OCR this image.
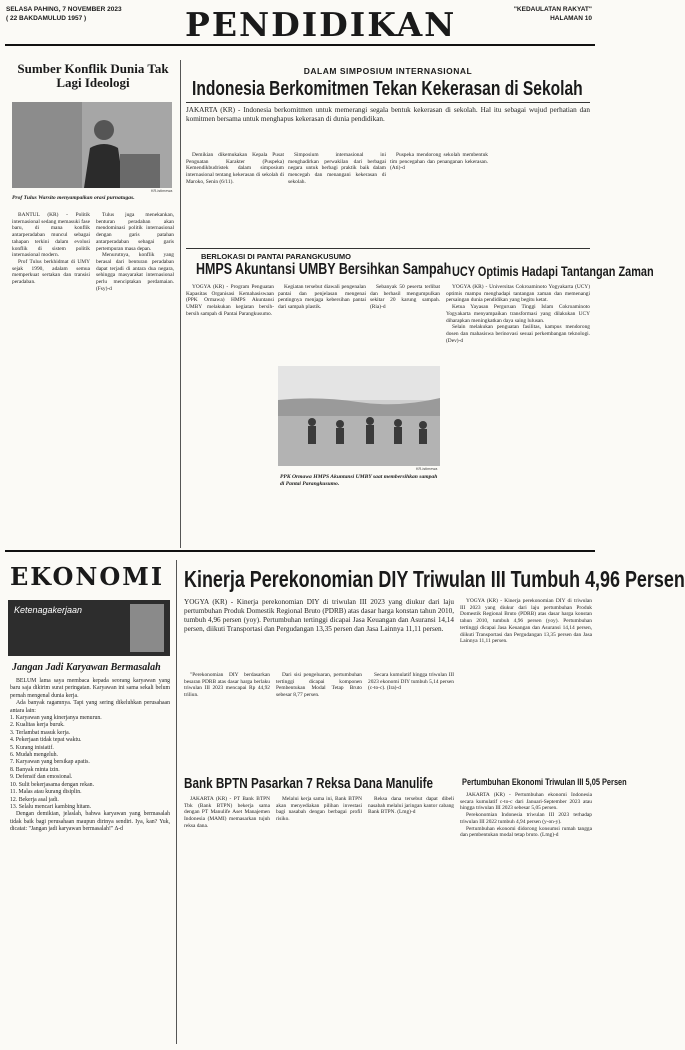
SELASA PAHING, 7 NOVEMBER 2023
( 22 BAKDAMULUD 1957 )	PENDIDIKAN	"KEDAULATAN RAKYAT"
HALAMAN 10
Sumber Konflik Dunia Tak Lagi Ideologi
KR-istimewa
Prof Tulus Warsito menyampaikan orasi purnatugas.

BANTUL (KR) - Politik internasional sedang memasuki fase baru, di mana konflik antarperadaban muncul sebagai tahapan terkini dalam evolusi konflik di sistem politik internasional modern.

Prof Tulus berkhidmat di UMY sejak 1990, adalam semua memperkuat sertakan dan transisi peradaban.

Tulus juga menekankan, benturan peradaban akan mendominasi politik internasional dengan garis patahan antarperadaban sebagai garis pertempuran masa depan.

Menurutnya, konflik yang berasal dari benturan peradaban dapat terjadi di antara dua negara, sehingga masyarakat internasional perlu menciptakan perdamaian. (Fsy)-d

DALAM SIMPOSIUM INTERNASIONAL
Indonesia Berkomitmen Tekan Kekerasan di Sekolah
JAKARTA (KR) - Indonesia berkomitmen untuk memerangi segala bentuk kekerasan di sekolah. Hal itu sebagai wujud perhatian dan komitmen bersama untuk menghapus kekerasan di dunia pendidikan.

Demikian dikemukakan Kepala Pusat Penguatan Karakter (Puspeka) Kemendikbudristek dalam simposium internasional tentang kekerasan di sekolah di Maroko, Senin (6/11).

Simposium internasional ini menghadirkan perwakilan dari berbagai negara untuk berbagi praktik baik dalam mencegah dan menangani kekerasan di sekolah.

Puspeka mendorong sekolah membentuk tim pencegahan dan penanganan kekerasan. (Ati)-d

BERLOKASI DI PANTAI PARANGKUSUMO
HMPS Akuntansi UMBY Bersihkan Sampah

YOGYA (KR) - Program Penguatan Kapasitas Organisasi Kemahasiswaan (PPK Ormawa) HMPS Akuntansi UMBY melakukan kegiatan bersih-bersih sampah di Pantai Parangkusumo.

Kegiatan tersebut diawali pengenalan pantai dan penjelasan mengenai pentingnya menjaga kebersihan pantai dari sampah plastik.

Sebanyak 50 peserta terlibat dan berhasil mengumpulkan sekitar 20 karung sampah. (Ria)-d

KR-istimewa
PPK Ormawa HMPS Akuntansi UMBY saat membersihkan sampah di Pantai Parangkusumo.
UCY Optimis Hadapi Tantangan Zaman

YOGYA (KR) - Universitas Cokroaminoto Yogyakarta (UCY) optimis mampu menghadapi tantangan zaman dan memenangi persaingan dunia pendidikan yang begitu ketat.

Ketua Yayasan Perguruan Tinggi Islam Cokroaminoto Yogyakarta menyampaikan transformasi yang dilakukan UCY diharapkan meningkatkan daya saing lulusan.

Selain melakukan penguatan fasilitas, kampus mendorong dosen dan mahasiswa berinovasi sesuai perkembangan teknologi. (Dev)-d

EKONOMI
Ketenagakerjaan
Jangan Jadi Karyawan Bermasalah

BELUM lama saya membaca kepada seorang karyawan yang baru saja dikirim surat peringatan. Karyawan ini sama sekali belum pernah mengenal dunia kerja.

Ada banyak ragamnya. Tapi yang sering dikeluhkan perusahaan antara lain:

1. Karyawan yang kinerjanya menurun.
2. Kualitas kerja buruk.
3. Terlambat masuk kerja.
4. Pekerjaan tidak tepat waktu.
5. Kurang inisiatif.
6. Mudah mengeluh.
7. Karyawan yang bersikap apatis.
8. Banyak minta izin.
9. Defensif dan emosional.
10. Sulit bekerjasama dengan rekan.
11. Malas atau kurang disiplin.
12. Bekerja asal jadi.
13. Selalu mencari kambing hitam.

Dengan demikian, jelaslah, bahwa karyawan yang bermasalah tidak baik bagi perusahaan maupun dirinya sendiri. Iya, kan? Yuk, dicatat: "Jangan jadi karyawan bermasalah!" ∆-d

Kinerja Perekonomian DIY Triwulan III Tumbuh 4,96 Persen
YOGYA (KR) - Kinerja perekonomian DIY di triwulan III 2023 yang diukur dari laju pertumbuhan Produk Domestik Regional Bruto (PDRB) atas dasar harga konstan tahun 2010, tumbuh 4,96 persen (yoy). Pertumbuhan tertinggi dicapai Jasa Keuangan dan Asuransi 14,14 persen, diikuti Transportasi dan Pergudangan 13,35 persen dan Jasa Lainnya 11,11 persen.

"Perekonomian DIY berdasarkan besaran PDRB atas dasar harga berlaku triwulan III 2023 mencapai Rp 44,92 triliun.

Dari sisi pengeluaran, pertumbuhan tertinggi dicapai komponen Pembentukan Modal Tetap Bruto sebesar 8,77 persen.

Secara kumulatif hingga triwulan III 2023 ekonomi DIY tumbuh 5,14 persen (c-to-c). (Ira)-d

YOGYA (KR) - Kinerja perekonomian DIY di triwulan III 2023 yang diukur dari laju pertumbuhan Produk Domestik Regional Bruto (PDRB) atas dasar harga konstan tahun 2010, tumbuh 4,96 persen (yoy). Pertumbuhan tertinggi dicapai Jasa Keuangan dan Asuransi 14,14 persen, diikuti Transportasi dan Pergudangan 13,35 persen dan Jasa Lainnya 11,11 persen.

Bank BPTN Pasarkan 7 Reksa Dana Manulife

JAKARTA (KR) - PT Bank BTPN Tbk (Bank BTPN) bekerja sama dengan PT Manulife Aset Manajemen Indonesia (MAMI) memasarkan tujuh reksa dana.

Melalui kerja sama ini, Bank BTPN akan menyediakan pilihan investasi bagi nasabah dengan berbagai profil risiko.

Reksa dana tersebut dapat dibeli nasabah melalui jaringan kantor cabang Bank BTPN. (Lmg)-d

Pertumbuhan Ekonomi Triwulan III 5,05 Persen

JAKARTA (KR) - Pertumbuhan ekonomi Indonesia secara kumulatif c-to-c dari Januari-September 2023 atau hingga triwulan III 2023 sebesar 5,05 persen.

Perekonomian Indonesia triwulan III 2023 terhadap triwulan III 2022 tumbuh 4,94 persen (y-on-y).

Pertumbuhan ekonomi didorong konsumsi rumah tangga dan pembentukan modal tetap bruto. (Lmg)-d
